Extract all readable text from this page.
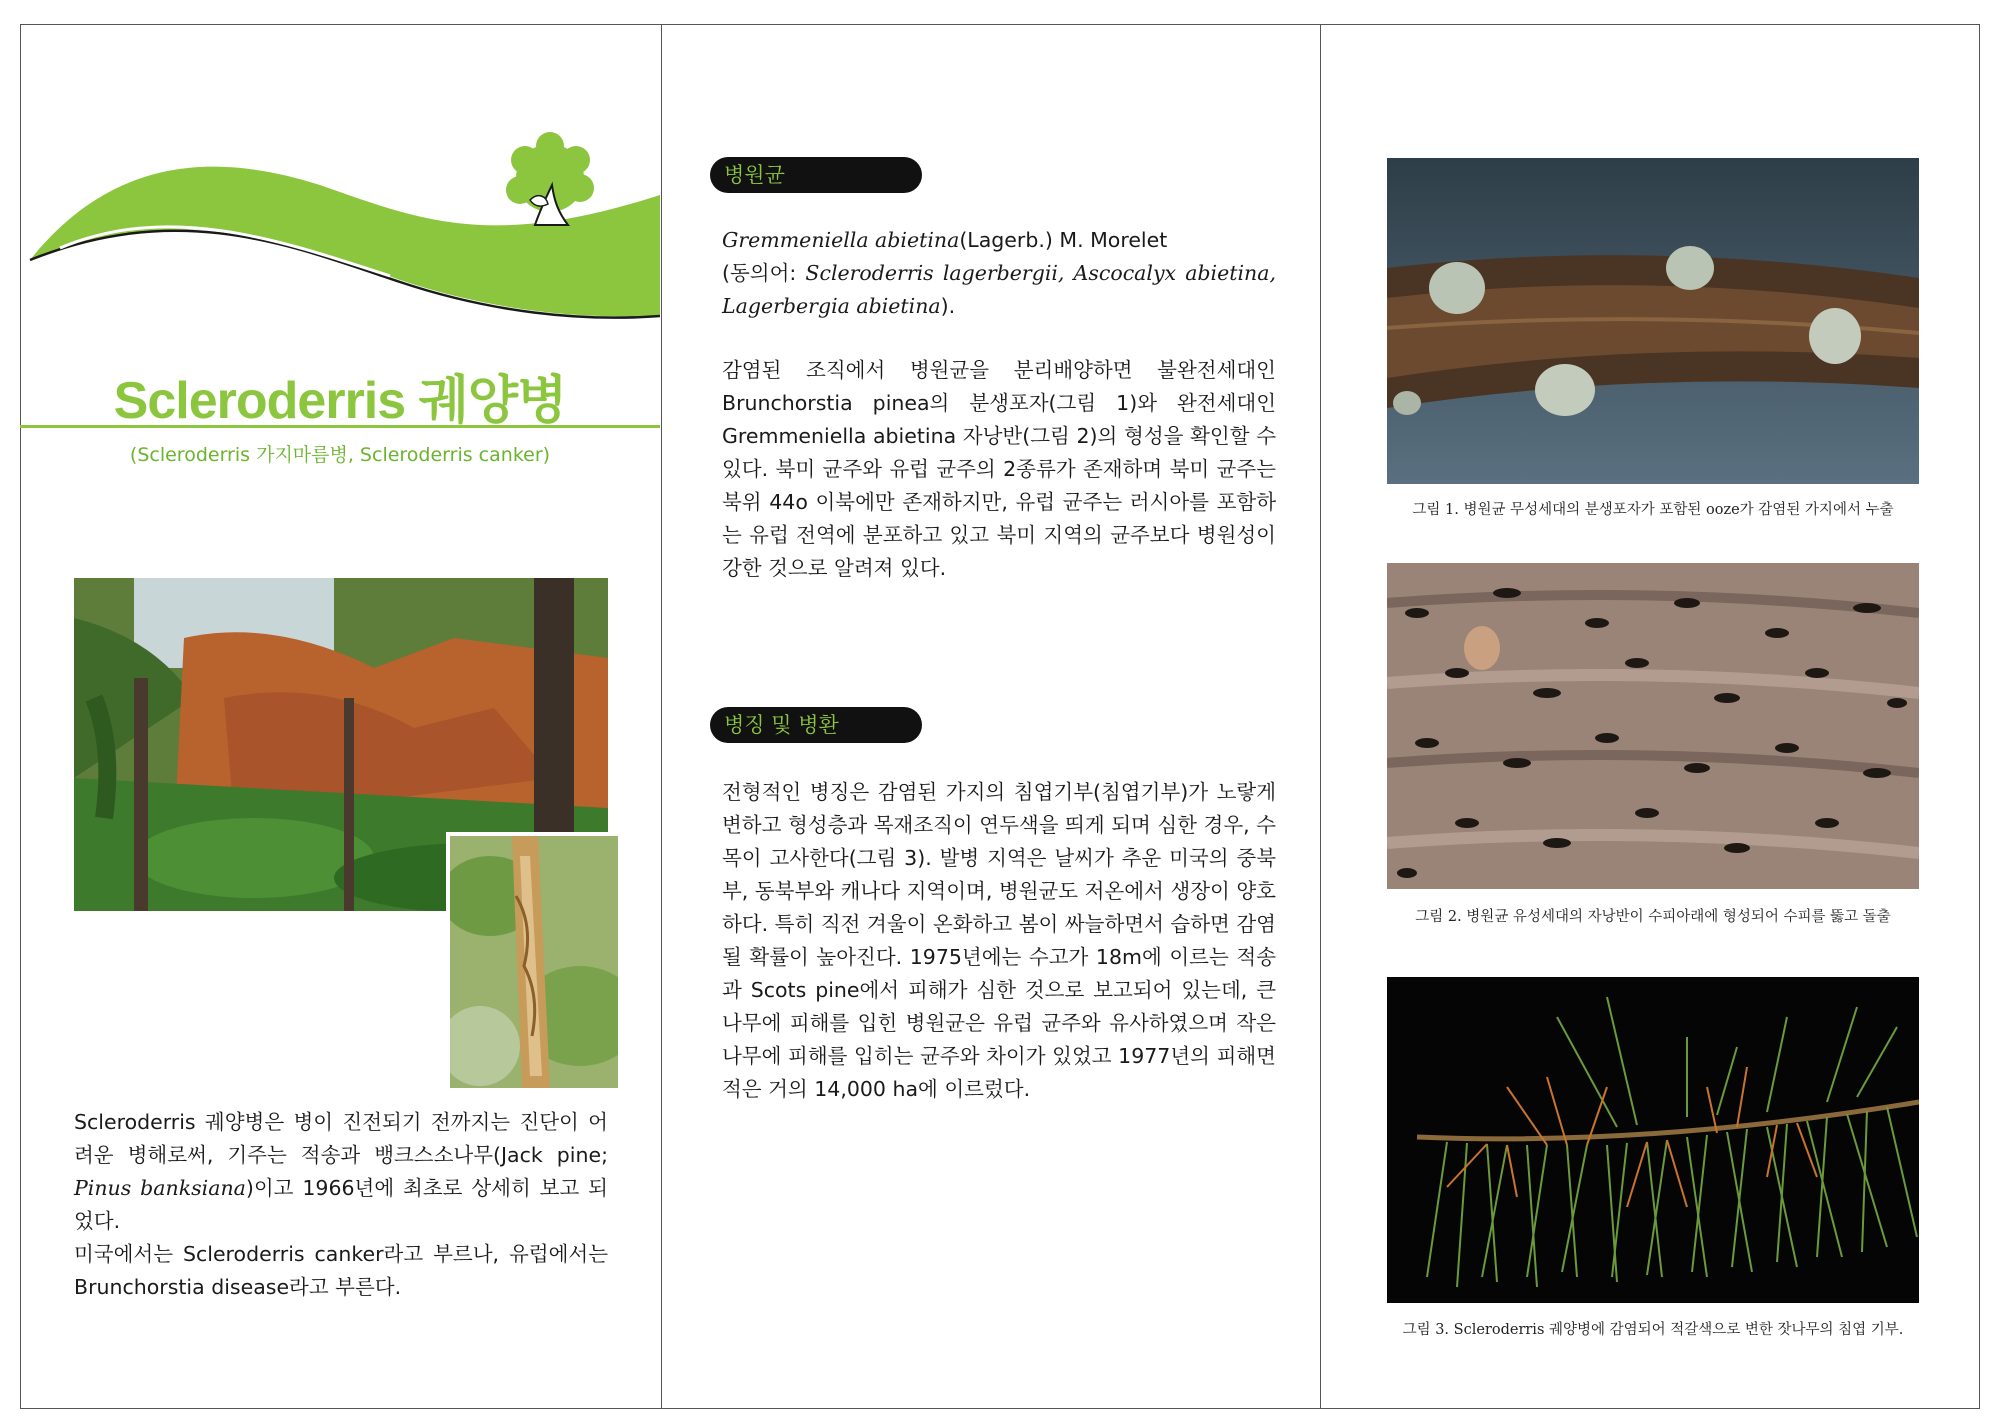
Scleroderris 궤양병
(Scleroderris 가지마름병, Scleroderris canker)

Scleroderris 궤양병은 병이 진전되기 전까지는 진단이 어려운 병해로써, 기주는 적송과 뱅크스소나무(Jack pine; Pinus banksiana)이고 1966년에 최초로 상세히 보고 되었다.

미국에서는 Scleroderris canker라고 부르나, 유럽에서는 Brunchorstia disease라고 부른다.

병원균

Gremmeniella abietina(Lagerb.) M. Morelet

(동의어: Scleroderris lagerbergii, Ascocalyx abietina, Lagerbergia abietina).

감염된 조직에서 병원균을 분리배양하면 불완전세대인 Brunchorstia pinea의 분생포자(그림 1)와 완전세대인 Gremmeniella abietina 자낭반(그림 2)의 형성을 확인할 수 있다. 북미 균주와 유럽 균주의 2종류가 존재하며 북미 균주는 북위 44o 이북에만 존재하지만, 유럽 균주는 러시아를 포함하는 유럽 전역에 분포하고 있고 북미 지역의 균주보다 병원성이 강한 것으로 알려져 있다.
병징 및 병환
전형적인 병징은 감염된 가지의 침엽기부(침엽기부)가 노랗게 변하고 형성층과 목재조직이 연두색을 띄게 되며 심한 경우, 수목이 고사한다(그림 3). 발병 지역은 날씨가 추운 미국의 중북부, 동북부와 캐나다 지역이며, 병원균도 저온에서 생장이 양호하다. 특히 직전 겨울이 온화하고 봄이 싸늘하면서 습하면 감염될 확률이 높아진다. 1975년에는 수고가 18m에 이르는 적송과 Scots pine에서 피해가 심한 것으로 보고되어 있는데, 큰 나무에 피해를 입힌 병원균은 유럽 균주와 유사하였으며 작은 나무에 피해를 입히는 균주와 차이가 있었고 1977년의 피해면적은 거의 14,000 ha에 이르렀다.
그림 1. 병원균 무성세대의 분생포자가 포함된 ooze가 감염된 가지에서 누출
그림 2. 병원균 유성세대의 자낭반이 수피아래에 형성되어 수피를 뚫고 돌출
그림 3. Scleroderris 궤양병에 감염되어 적갈색으로 변한 잣나무의 침엽 기부.
